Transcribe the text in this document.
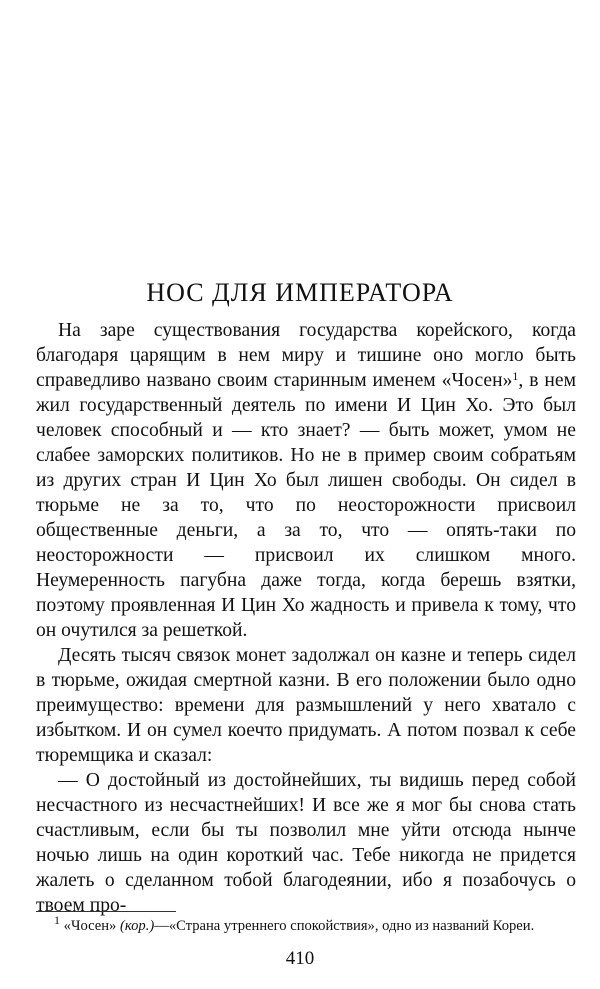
НОС ДЛЯ ИМПЕРАТОРА

На заре существования государства корейского, когда благодаря царящим в нем миру и тишине оно могло быть справедливо названо своим старинным именем «Чосен»$^1$, в нем жил государственный деятель по имени И Цин Хо. Это был человек способный и — кто знает? — быть может, умом не слабее заморских политиков. Но не в пример своим собратьям из других стран И Цин Хо был лишен свободы. Он сидел в тюрьме не за то, что по неосторожности присвоил общественные деньги, а за то, что — опять-таки по неосторожности — присвоил их слишком много. Неумеренность пагубна даже тогда, когда берешь взятки, поэтому проявленная И Цин Хо жадность и привела к тому, что он очутился за решеткой.

Десять тысяч связок монет задолжал он казне и теперь сидел в тюрьме, ожидая смертной казни. В его положении было одно преимущество: времени для размышлений у него хватало с избытком. И он сумел коечто придумать. А потом позвал к себе тюремщика и сказал:

— О достойный из достойнейших, ты видишь перед собой несчастного из несчастнейших! И все же я мог бы снова стать счастливым, если бы ты позволил мне уйти отсюда нынче ночью лишь на один короткий час. Тебе никогда не придется жалеть о сделанном тобой благодеянии, ибо я позабочусь о твоем про-

$^1$ «Чосен» (кор.)—«Страна утреннего спокойствия», одно из названий Кореи.
410
